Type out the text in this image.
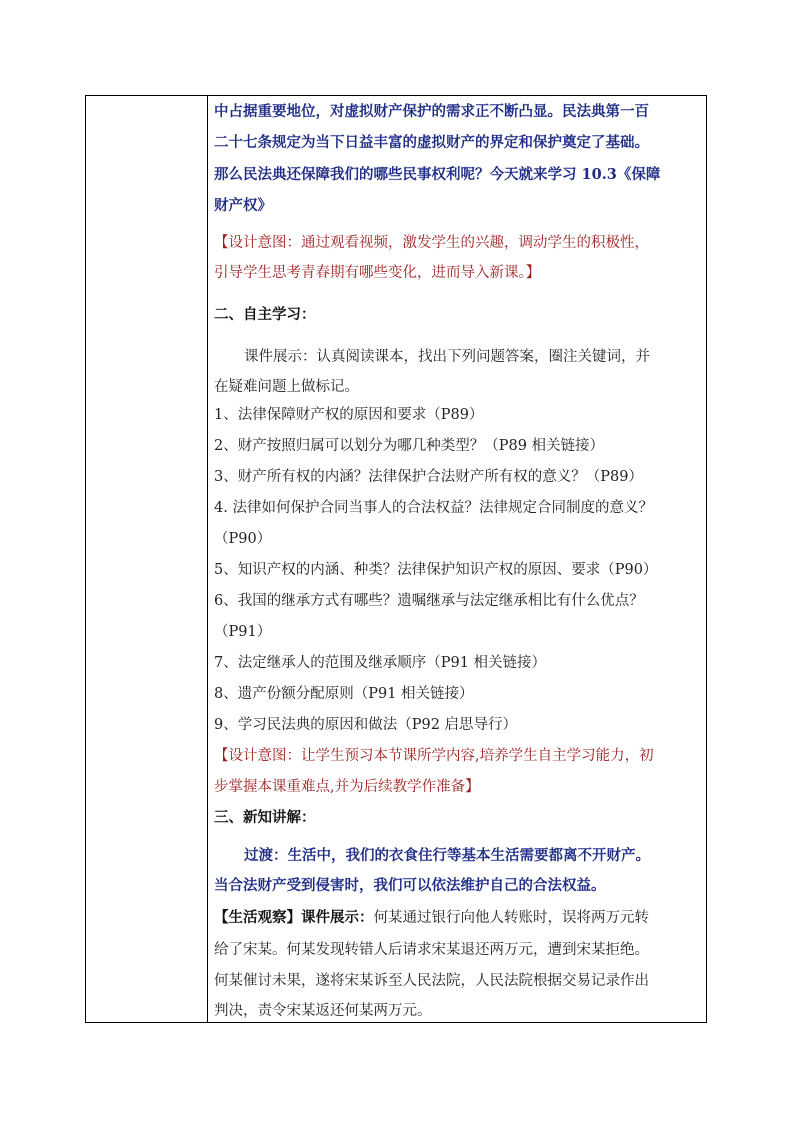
中占据重要地位，对虚拟财产保护的需求正不断凸显。民法典第一百
二十七条规定为当下日益丰富的虚拟财产的界定和保护奠定了基础。
那么民法典还保障我们的哪些民事权利呢？今天就来学习 10.3《保障
财产权》
【设计意图：通过观看视频，激发学生的兴趣，调动学生的积极性，
引导学生思考青春期有哪些变化，进而导入新课。】
二、自主学习：
课件展示：认真阅读课本，找出下列问题答案，圈注关键词，并
在疑难问题上做标记。
1、法律保障财产权的原因和要求（P89）
2、财产按照归属可以划分为哪几种类型？（P89 相关链接）
3、财产所有权的内涵？法律保护合法财产所有权的意义？（P89）
4. 法律如何保护合同当事人的合法权益？法律规定合同制度的意义？
（P90）
5、知识产权的内涵、种类？法律保护知识产权的原因、要求（P90）
6、我国的继承方式有哪些？遗嘱继承与法定继承相比有什么优点？
（P91）
7、法定继承人的范围及继承顺序（P91 相关链接）
8、遗产份额分配原则（P91 相关链接）
9、学习民法典的原因和做法（P92 启思导行）
【设计意图：让学生预习本节课所学内容,培养学生自主学习能力，初
步掌握本课重难点,并为后续教学作准备】
三、新知讲解：
过渡：生活中，我们的衣食住行等基本生活需要都离不开财产。
当合法财产受到侵害时，我们可以依法维护自己的合法权益。
【生活观察】课件展示：何某通过银行向他人转账时，误将两万元转
给了宋某。何某发现转错人后请求宋某退还两万元，遭到宋某拒绝。
何某催讨未果，遂将宋某诉至人民法院，人民法院根据交易记录作出
判决，责令宋某返还何某两万元。
